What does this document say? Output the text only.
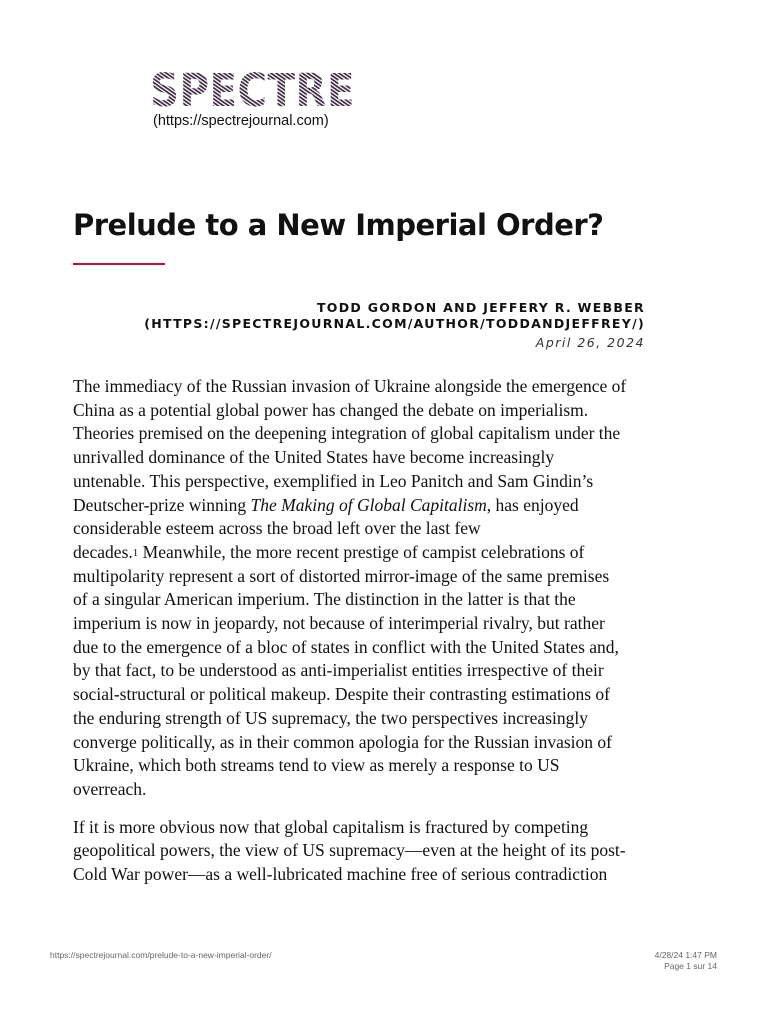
SPECTRE
(https://spectrejournal.com)
Prelude to a New Imperial Order?
TODD GORDON AND JEFFERY R. WEBBER
(HTTPS://SPECTREJOURNAL.COM/AUTHOR/TODDANDJEFFREY/)
April 26, 2024

The immediacy of the Russian invasion of Ukraine alongside the emergence of
China as a potential global power has changed the debate on imperialism.
Theories premised on the deepening integration of global capitalism under the
unrivalled dominance of the United States have become increasingly
untenable. This perspective, exemplified in Leo Panitch and Sam Gindin’s
Deutscher-prize winning The Making of Global Capitalism, has enjoyed
considerable esteem across the broad left over the last few
decades.$^1$ Meanwhile, the more recent prestige of campist celebrations of
multipolarity represent a sort of distorted mirror-image of the same premises
of a singular American imperium. The distinction in the latter is that the
imperium is now in jeopardy, not because of interimperial rivalry, but rather
due to the emergence of a bloc of states in conflict with the United States and,
by that fact, to be understood as anti-imperialist entities irrespective of their
social-structural or political makeup. Despite their contrasting estimations of
the enduring strength of US supremacy, the two perspectives increasingly
converge politically, as in their common apologia for the Russian invasion of
Ukraine, which both streams tend to view as merely a response to US
overreach.

If it is more obvious now that global capitalism is fractured by competing
geopolitical powers, the view of US supremacy—even at the height of its post-
Cold War power—as a well-lubricated machine free of serious contradiction

https://spectrejournal.com/prelude-to-a-new-imperial-order/	4/28/24 1:47 PM
Page 1 sur 14
